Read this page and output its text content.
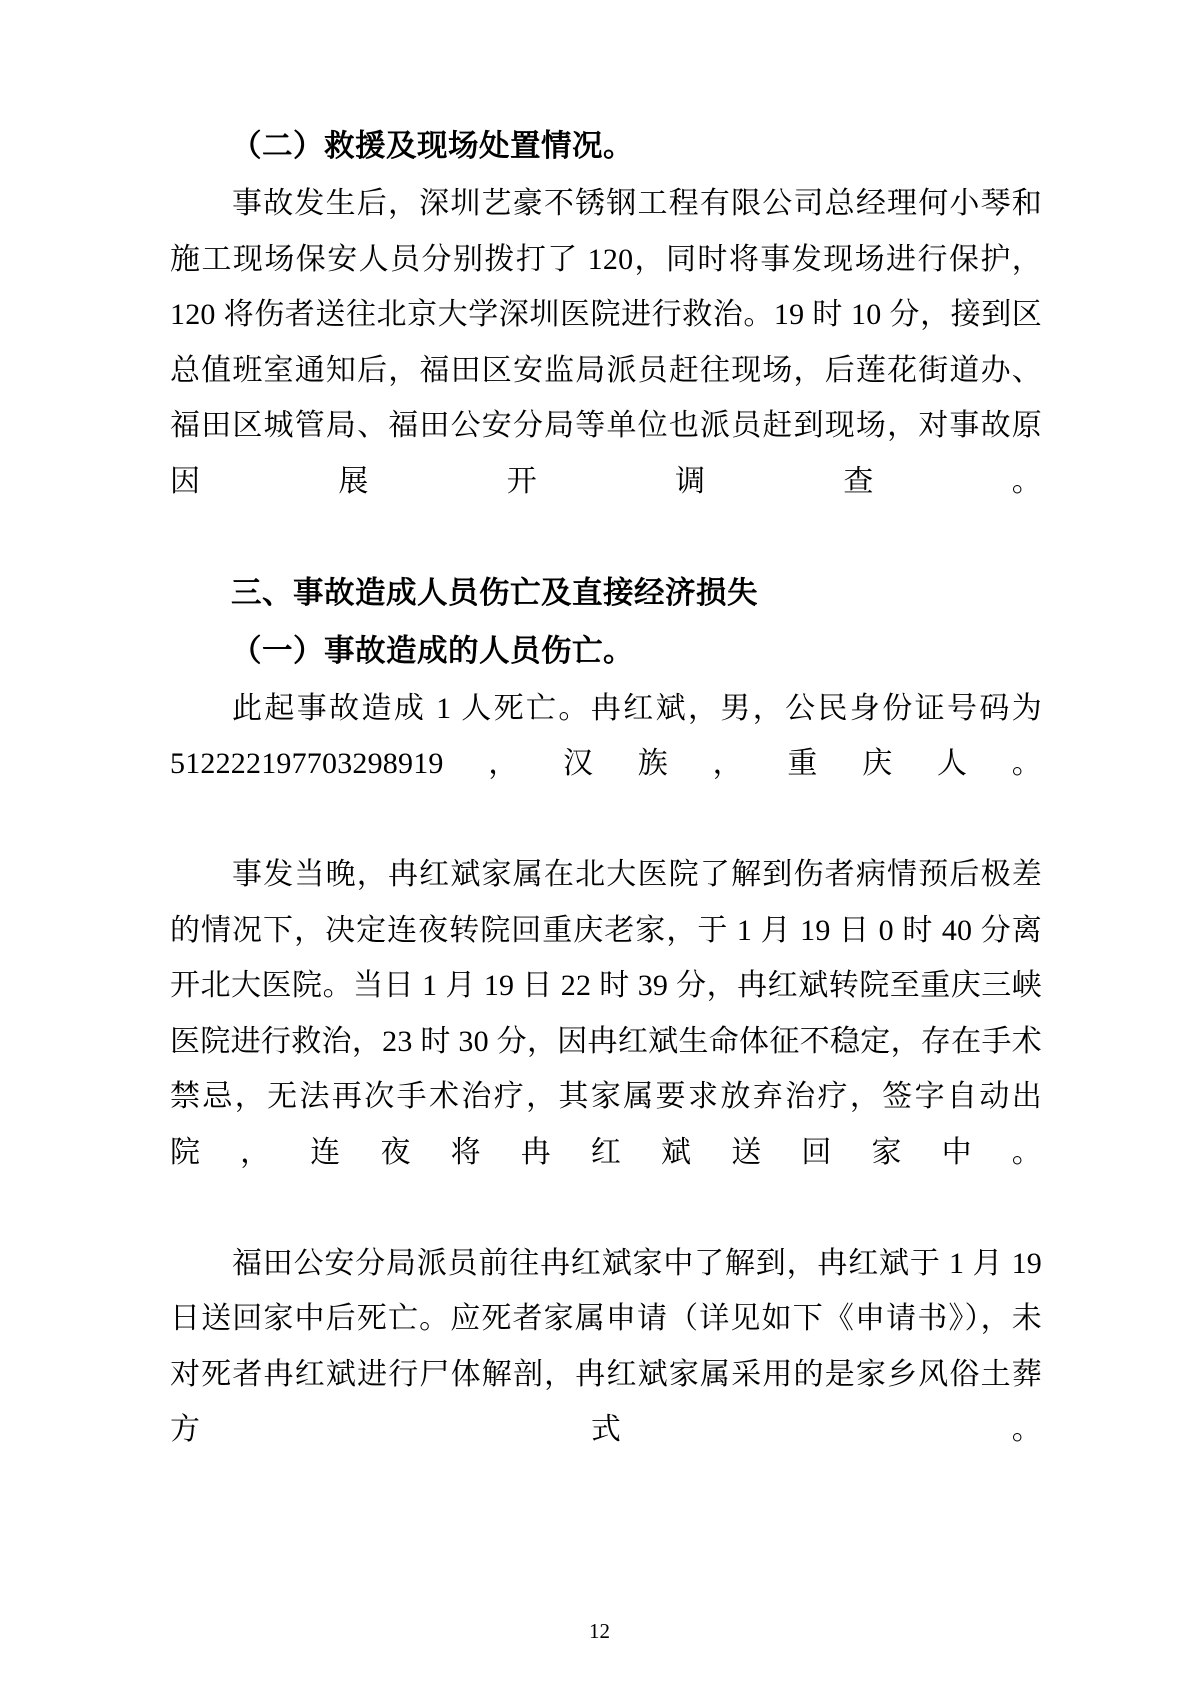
（二）救援及现场处置情况。

事故发生后，深圳艺豪不锈钢工程有限公司总经理何小琴和施工现场保安人员分别拨打了 120，同时将事发现场进行保护，120 将伤者送往北京大学深圳医院进行救治。19 时 10 分，接到区总值班室通知后，福田区安监局派员赶往现场，后莲花街道办、福田区城管局、福田公安分局等单位也派员赶到现场，对事故原因展开调查。

三、事故造成人员伤亡及直接经济损失
（一）事故造成的人员伤亡。

此起事故造成 1 人死亡。冉红斌，男，公民身份证号码为 512222197703298919，汉族，重庆人。

事发当晚，冉红斌家属在北大医院了解到伤者病情预后极差的情况下，决定连夜转院回重庆老家，于 1 月 19 日 0 时 40 分离开北大医院。当日 1 月 19 日 22 时 39 分，冉红斌转院至重庆三峡医院进行救治，23 时 30 分，因冉红斌生命体征不稳定，存在手术禁忌，无法再次手术治疗，其家属要求放弃治疗，签字自动出院，连夜将冉红斌送回家中。

福田公安分局派员前往冉红斌家中了解到，冉红斌于 1 月 19 日送回家中后死亡。应死者家属申请（详见如下《申请书》），未对死者冉红斌进行尸体解剖，冉红斌家属采用的是家乡风俗土葬方式。

12
